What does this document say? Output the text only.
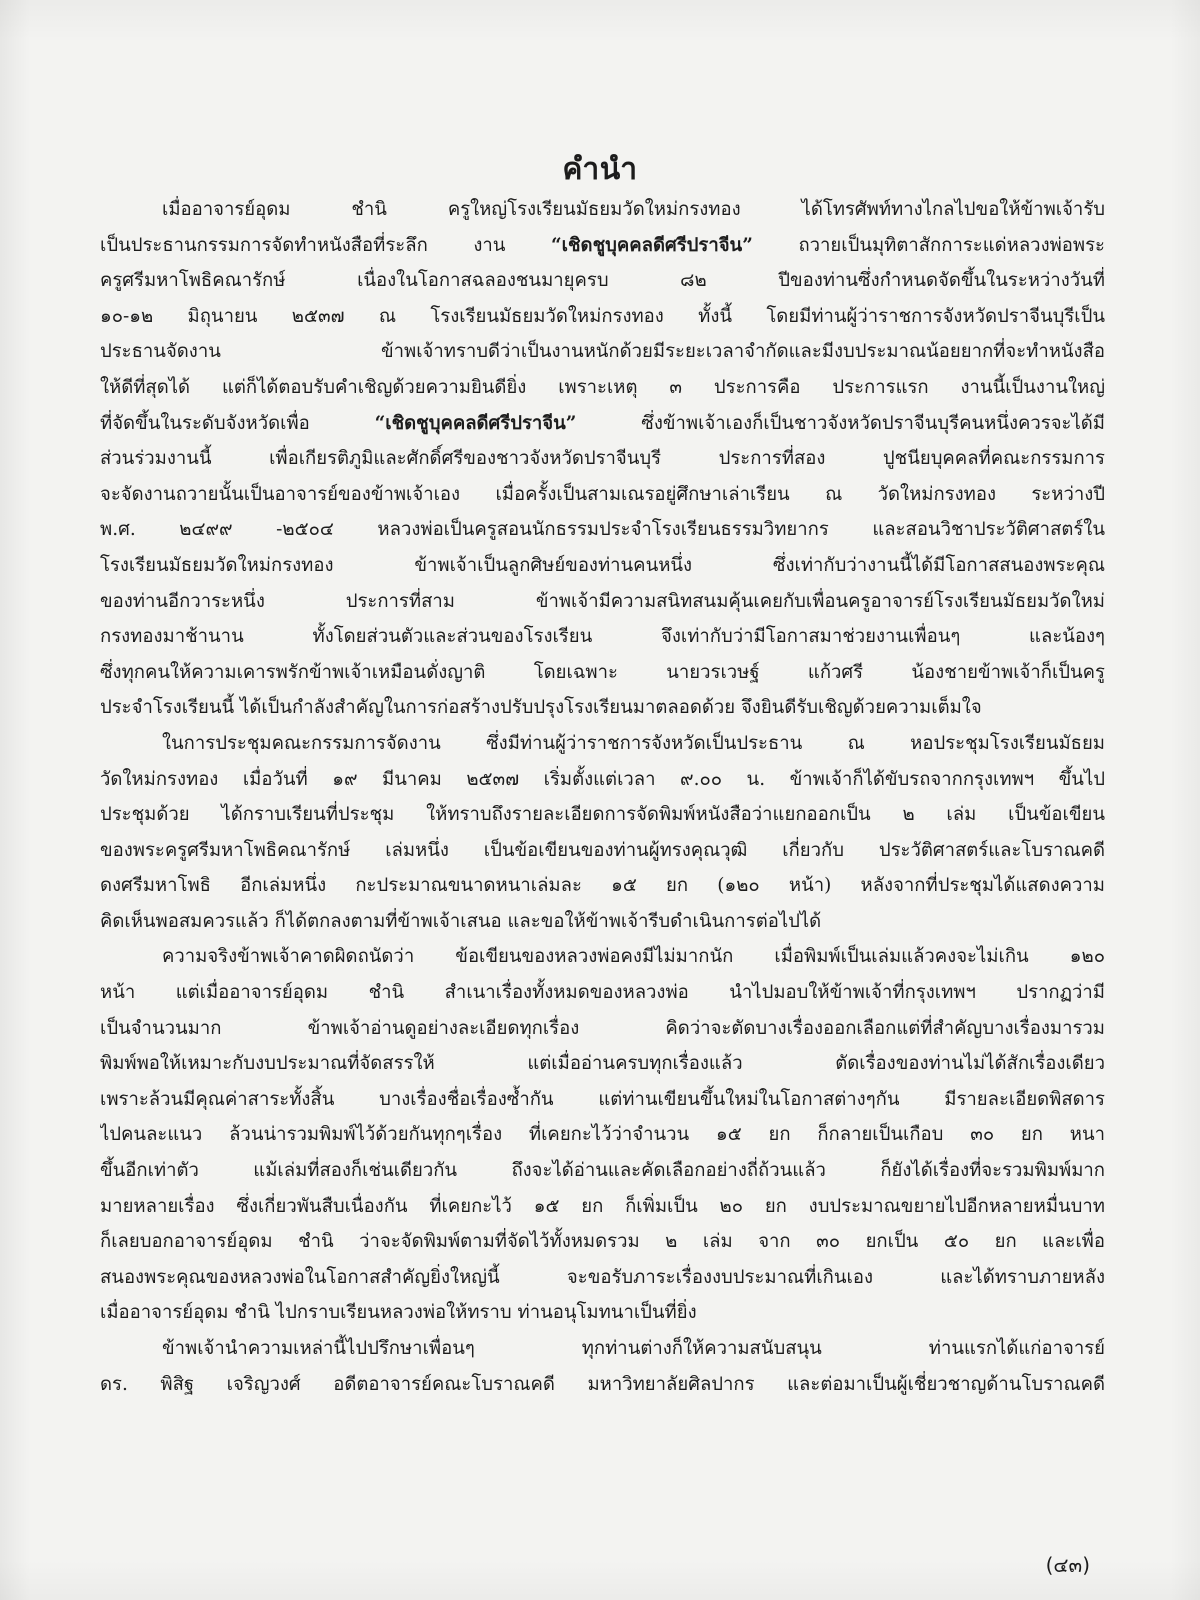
คำนำ
เมื่ออาจารย์อุดม ชำนิ ครูใหญ่โรงเรียนมัธยมวัดใหม่กรงทอง ได้โทรศัพท์ทางไกลไปขอให้ข้าพเจ้ารับ
เป็นประธานกรรมการจัดทำหนังสือที่ระลึก งาน “เชิดชูบุคคลดีศรีปราจีน” ถวายเป็นมุทิตาสักการะแด่หลวงพ่อพระ
ครูศรีมหาโพธิคณารักษ์ เนื่องในโอกาสฉลองชนมายุครบ ๘๒ ปีของท่านซึ่งกำหนดจัดขึ้นในระหว่างวันที่
๑๐-๑๒ มิถุนายน ๒๕๓๗ ณ โรงเรียนมัธยมวัดใหม่กรงทอง ทั้งนี้ โดยมีท่านผู้ว่าราชการจังหวัดปราจีนบุรีเป็น
ประธานจัดงาน ข้าพเจ้าทราบดีว่าเป็นงานหนักด้วยมีระยะเวลาจำกัดและมีงบประมาณน้อยยากที่จะทำหนังสือ
ให้ดีที่สุดได้ แต่ก็ได้ตอบรับคำเชิญด้วยความยินดียิ่ง เพราะเหตุ ๓ ประการคือ ประการแรก งานนี้เป็นงานใหญ่
ที่จัดขึ้นในระดับจังหวัดเพื่อ “เชิดชูบุคคลดีศรีปราจีน” ซึ่งข้าพเจ้าเองก็เป็นชาวจังหวัดปราจีนบุรีคนหนึ่งควรจะได้มี
ส่วนร่วมงานนี้ เพื่อเกียรติภูมิและศักดิ์ศรีของชาวจังหวัดปราจีนบุรี ประการที่สอง ปูชนียบุคคลที่คณะกรรมการ
จะจัดงานถวายนั้นเป็นอาจารย์ของข้าพเจ้าเอง เมื่อครั้งเป็นสามเณรอยู่ศึกษาเล่าเรียน ณ วัดใหม่กรงทอง ระหว่างปี
พ.ศ. ๒๔๙๙ -๒๕๐๔ หลวงพ่อเป็นครูสอนนักธรรมประจำโรงเรียนธรรมวิทยากร และสอนวิชาประวัติศาสตร์ใน
โรงเรียนมัธยมวัดใหม่กรงทอง ข้าพเจ้าเป็นลูกศิษย์ของท่านคนหนึ่ง ซึ่งเท่ากับว่างานนี้ได้มีโอกาสสนองพระคุณ
ของท่านอีกวาระหนึ่ง ประการที่สาม ข้าพเจ้ามีความสนิทสนมคุ้นเคยกับเพื่อนครูอาจารย์โรงเรียนมัธยมวัดใหม่
กรงทองมาช้านาน ทั้งโดยส่วนตัวและส่วนของโรงเรียน จึงเท่ากับว่ามีโอกาสมาช่วยงานเพื่อนๆ และน้องๆ
ซึ่งทุกคนให้ความเคารพรักข้าพเจ้าเหมือนดั่งญาติ โดยเฉพาะ นายวรเวษฐ์ แก้วศรี น้องชายข้าพเจ้าก็เป็นครู
ประจำโรงเรียนนี้ ได้เป็นกำลังสำคัญในการก่อสร้างปรับปรุงโรงเรียนมาตลอดด้วย จึงยินดีรับเชิญด้วยความเต็มใจ
ในการประชุมคณะกรรมการจัดงาน ซึ่งมีท่านผู้ว่าราชการจังหวัดเป็นประธาน ณ หอประชุมโรงเรียนมัธยม
วัดใหม่กรงทอง เมื่อวันที่ ๑๙ มีนาคม ๒๕๓๗ เริ่มตั้งแต่เวลา ๙.๐๐ น. ข้าพเจ้าก็ได้ขับรถจากกรุงเทพฯ ขึ้นไป
ประชุมด้วย ได้กราบเรียนที่ประชุม ให้ทราบถึงรายละเอียดการจัดพิมพ์หนังสือว่าแยกออกเป็น ๒ เล่ม เป็นข้อเขียน
ของพระครูศรีมหาโพธิคณารักษ์ เล่มหนึ่ง เป็นข้อเขียนของท่านผู้ทรงคุณวุฒิ เกี่ยวกับ ประวัติศาสตร์และโบราณคดี
ดงศรีมหาโพธิ อีกเล่มหนึ่ง กะประมาณขนาดหนาเล่มละ ๑๕ ยก (๑๒๐ หน้า) หลังจากที่ประชุมได้แสดงความ
คิดเห็นพอสมควรแล้ว ก็ได้ตกลงตามที่ข้าพเจ้าเสนอ และขอให้ข้าพเจ้ารีบดำเนินการต่อไปได้
ความจริงข้าพเจ้าคาดผิดถนัดว่า ข้อเขียนของหลวงพ่อคงมีไม่มากนัก เมื่อพิมพ์เป็นเล่มแล้วคงจะไม่เกิน ๑๒๐
หน้า แต่เมื่ออาจารย์อุดม ชำนิ สำเนาเรื่องทั้งหมดของหลวงพ่อ นำไปมอบให้ข้าพเจ้าที่กรุงเทพฯ ปรากฏว่ามี
เป็นจำนวนมาก ข้าพเจ้าอ่านดูอย่างละเอียดทุกเรื่อง คิดว่าจะตัดบางเรื่องออกเลือกแต่ที่สำคัญบางเรื่องมารวม
พิมพ์พอให้เหมาะกับงบประมาณที่จัดสรรให้ แต่เมื่ออ่านครบทุกเรื่องแล้ว ตัดเรื่องของท่านไม่ได้สักเรื่องเดียว
เพราะล้วนมีคุณค่าสาระทั้งสิ้น บางเรื่องชื่อเรื่องซ้ำกัน แต่ท่านเขียนขึ้นใหม่ในโอกาสต่างๆกัน มีรายละเอียดพิสดาร
ไปคนละแนว ล้วนน่ารวมพิมพ์ไว้ด้วยกันทุกๆเรื่อง ที่เคยกะไว้ว่าจำนวน ๑๕ ยก ก็กลายเป็นเกือบ ๓๐ ยก หนา
ขึ้นอีกเท่าตัว แม้เล่มที่สองก็เช่นเดียวกัน ถึงจะได้อ่านและคัดเลือกอย่างถี่ถ้วนแล้ว ก็ยังได้เรื่องที่จะรวมพิมพ์มาก
มายหลายเรื่อง ซึ่งเกี่ยวพันสืบเนื่องกัน ที่เคยกะไว้ ๑๕ ยก ก็เพิ่มเป็น ๒๐ ยก งบประมาณขยายไปอีกหลายหมื่นบาท
ก็เลยบอกอาจารย์อุดม ชำนิ ว่าจะจัดพิมพ์ตามที่จัดไว้ทั้งหมดรวม ๒ เล่ม จาก ๓๐ ยกเป็น ๕๐ ยก และเพื่อ
สนองพระคุณของหลวงพ่อในโอกาสสำคัญยิ่งใหญ่นี้ จะขอรับภาระเรื่องงบประมาณที่เกินเอง และได้ทราบภายหลัง
เมื่ออาจารย์อุดม ชำนิ ไปกราบเรียนหลวงพ่อให้ทราบ ท่านอนุโมทนาเป็นที่ยิ่ง
ข้าพเจ้านำความเหล่านี้ไปปรึกษาเพื่อนๆ ทุกท่านต่างก็ให้ความสนับสนุน ท่านแรกได้แก่อาจารย์
ดร. พิสิฐ เจริญวงศ์ อดีตอาจารย์คณะโบราณคดี มหาวิทยาลัยศิลปากร และต่อมาเป็นผู้เชี่ยวชาญด้านโบราณคดี
(๔๓)
